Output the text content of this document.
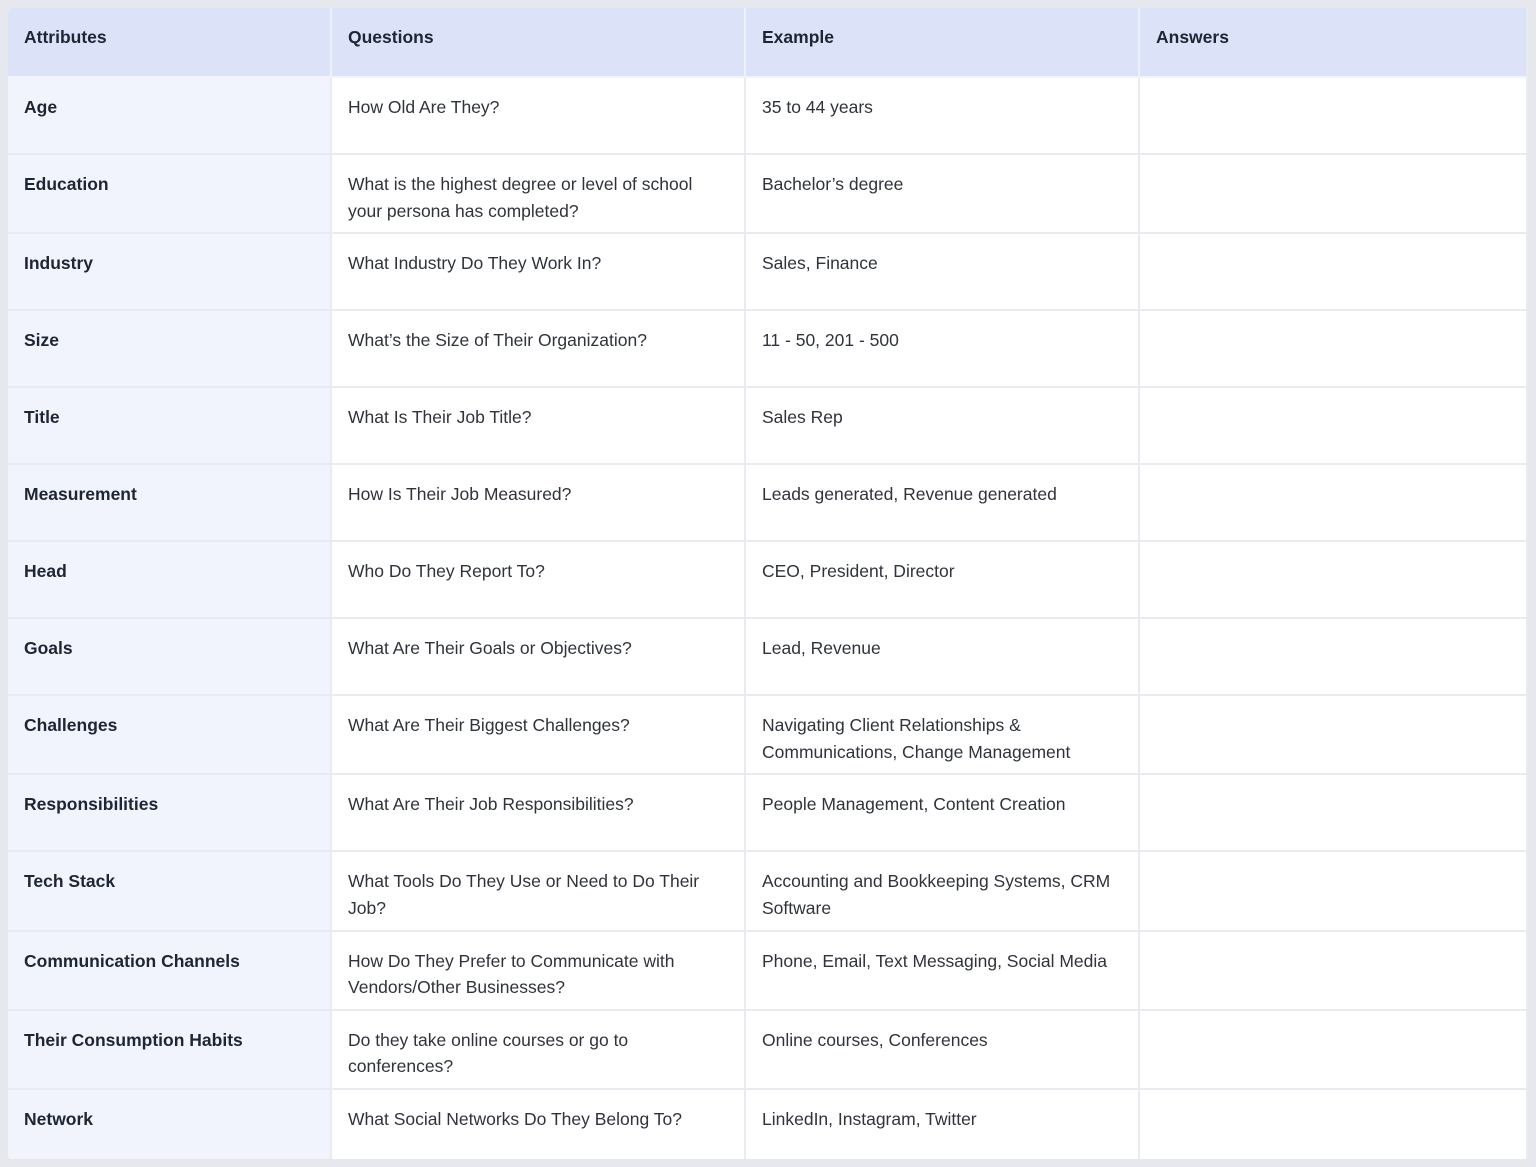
Attributes	Questions	Example	Answers
Age	How Old Are They?	35 to 44 years	
Education	What is the highest degree or level of school your persona has completed?	Bachelor’s degree	
Industry	What Industry Do They Work In?	Sales, Finance	
Size	What’s the Size of Their Organization?	11 - 50, 201 - 500	
Title	What Is Their Job Title?	Sales Rep	
Measurement	How Is Their Job Measured?	Leads generated, Revenue generated	
Head	Who Do They Report To?	CEO, President, Director	
Goals	What Are Their Goals or Objectives?	Lead, Revenue	
Challenges	What Are Their Biggest Challenges?	Navigating Client Relationships & Communications, Change Management	
Responsibilities	What Are Their Job Responsibilities?	People Management, Content Creation	
Tech Stack	What Tools Do They Use or Need to Do Their Job?	Accounting and Bookkeeping Systems, CRM Software	
Communication Channels	How Do They Prefer to Communicate with Vendors/Other Businesses?	Phone, Email, Text Messaging, Social Media	
Their Consumption Habits	Do they take online courses or go to conferences?	Online courses, Conferences	
Network	What Social Networks Do They Belong To?	LinkedIn, Instagram, Twitter	
